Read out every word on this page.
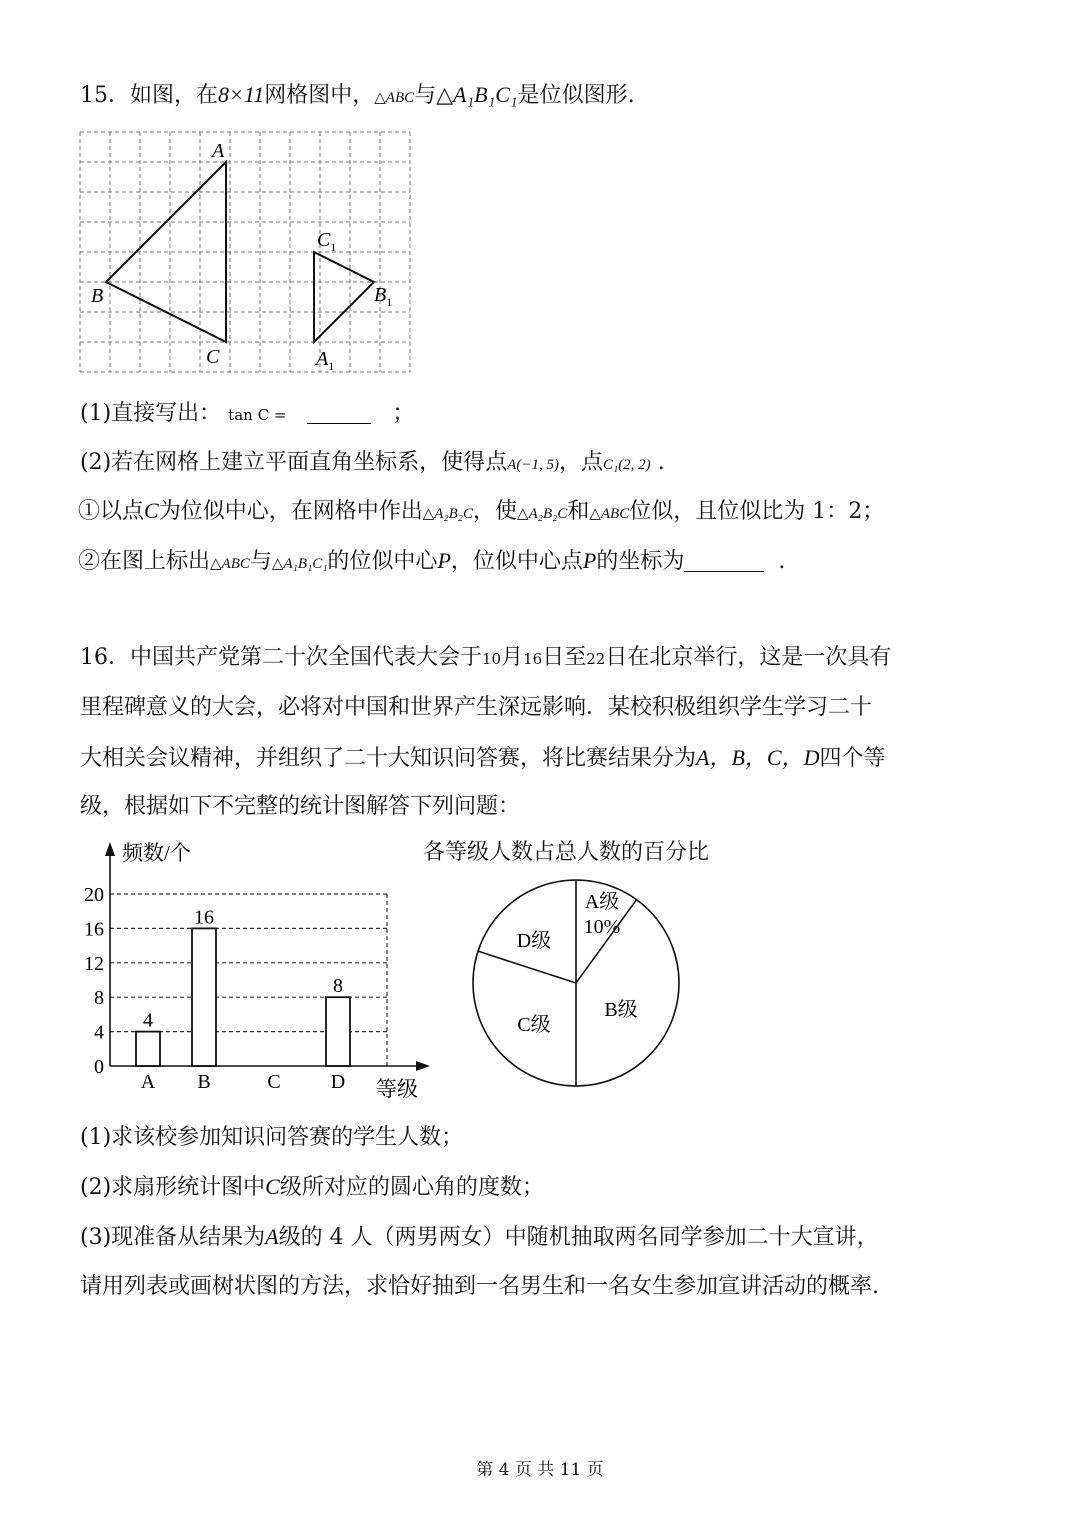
15．如图，在8×11网格图中，△ABC与△A₁B₁C₁是位似图形.
A
B
C
$C_1$
$B_1$
$A_1$
(1)直接写出： tan C =	；
(2)若在网格上建立平面直角坐标系，使得点A(−1, 5)，点C₁(2, 2) .
①以点C为位似中心，在网格中作出△A₂B₂C，使△A₂B₂C和△ABC位似，且位似比为 1：2；
②在图上标出△ABC与△A₁B₁C₁的位似中心P，位似中心点P的坐标为	.
16．中国共产党第二十次全国代表大会于10月16日至22日在北京举行，这是一次具有
里程碑意义的大会，必将对中国和世界产生深远影响．某校积极组织学生学习二十
大相关会议精神，并组织了二十大知识问答赛，将比赛结果分为A，B，C，D四个等
级，根据如下不完整的统计图解答下列问题：
频数/个
等级
0
4
8
12
16
20
A
4
B
16
C	D
8
各等级人数占总人数的百分比
A级
10%
B级
C级
D级
(1)求该校参加知识问答赛的学生人数；
(2)求扇形统计图中C级所对应的圆心角的度数；
(3)现准备从结果为A级的 4 人（两男两女）中随机抽取两名同学参加二十大宣讲，
请用列表或画树状图的方法，求恰好抽到一名男生和一名女生参加宣讲活动的概率.
第 4 页 共 11 页
